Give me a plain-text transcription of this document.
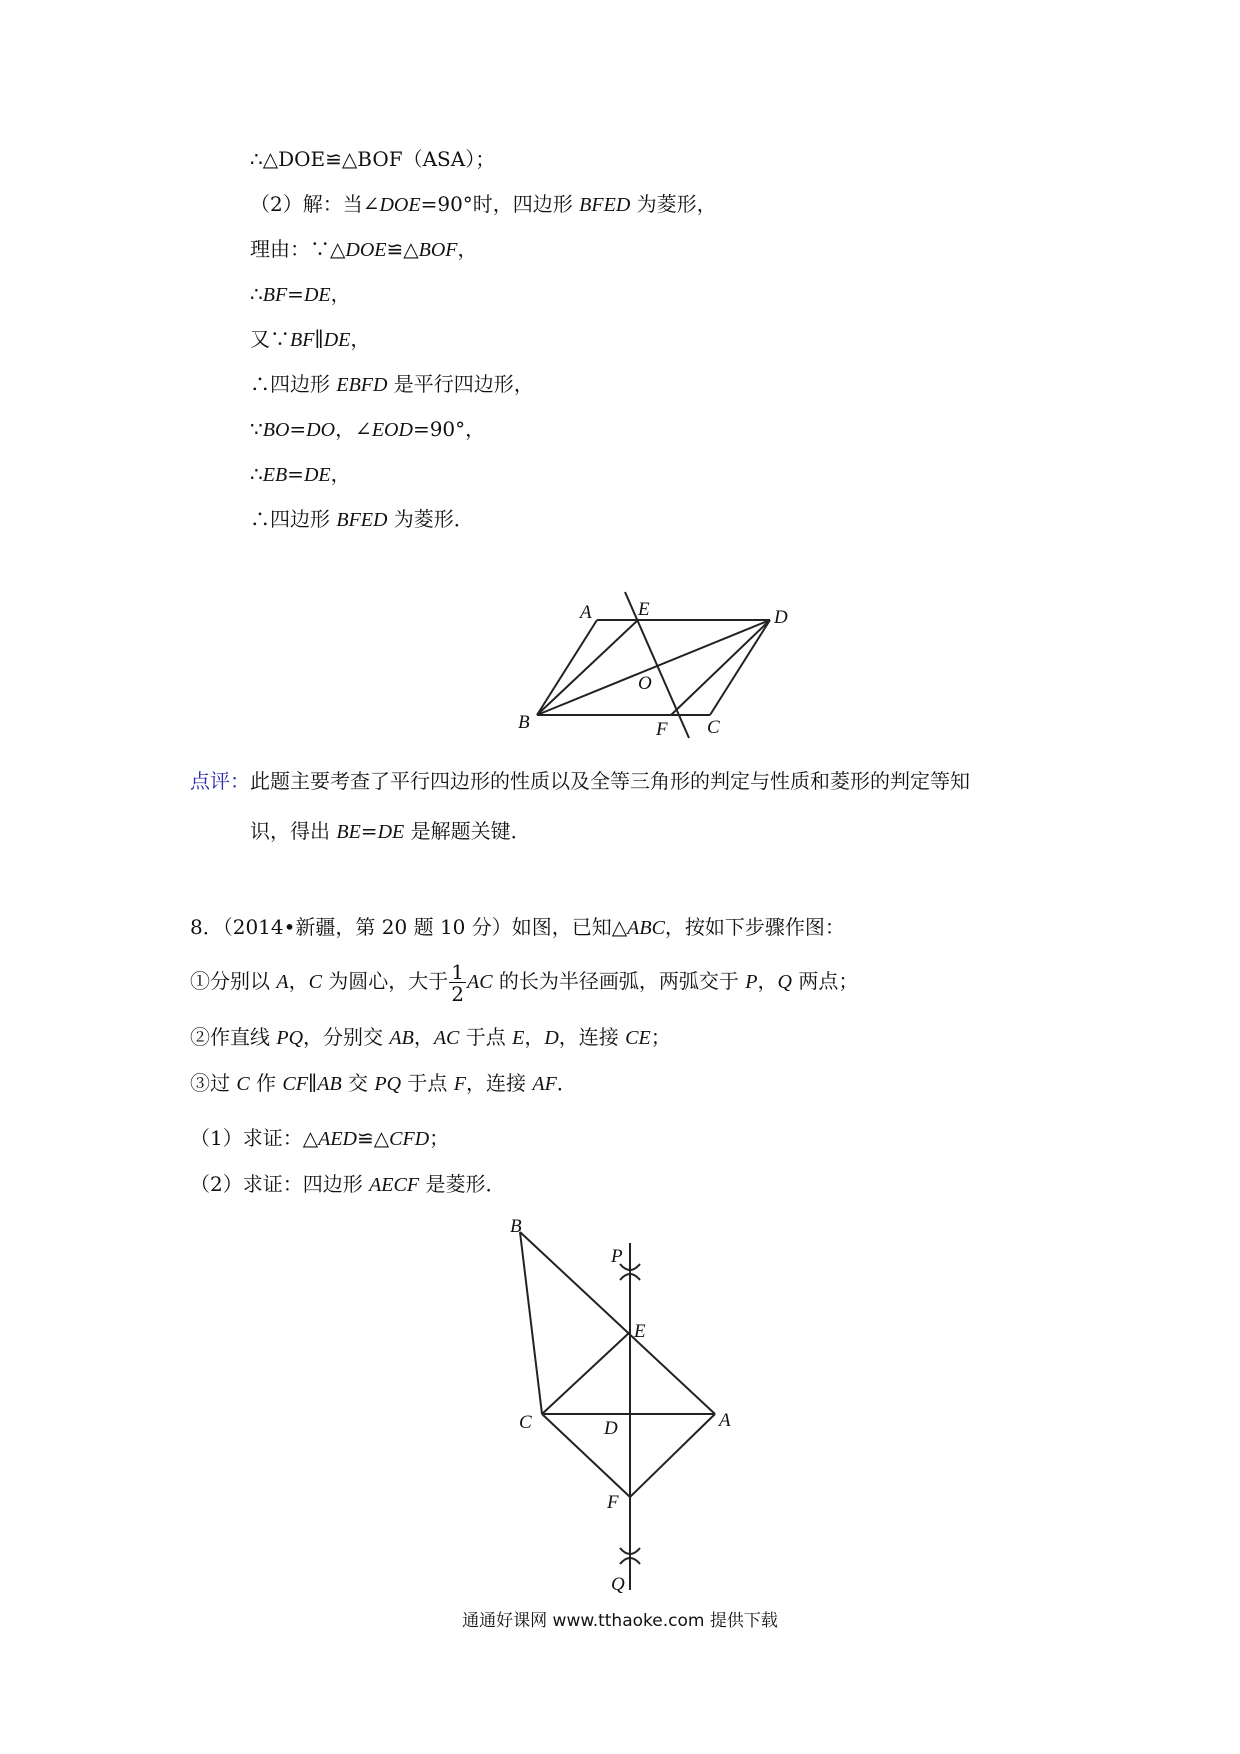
∴△DOE≌△BOF（ASA）；
（2）解：当∠DOE=90°时，四边形 BFED 为菱形，
理由：∵△DOE≌△BOF，
∴BF=DE，
又∵BF∥DE，
∴四边形 EBFD 是平行四边形，
∵BO=DO，∠EOD=90°，
∴EB=DE，
∴四边形 BFED 为菱形．
A E	D
O
B	F C
点评：此题主要考查了平行四边形的性质以及全等三角形的判定与性质和菱形的判定等知
识，得出 BE=DE 是解题关键．
8．（2014•新疆，第 20 题 10 分）如图，已知△ABC，按如下步骤作图：
①分别以 A，C 为圆心，大于 $\frac{1}{2}$ AC 的长为半径画弧，两弧交于 P，Q 两点；
②作直线 PQ，分别交 AB，AC 于点 E，D，连接 CE；
③过 C 作 CF∥AB 交 PQ 于点 F，连接 AF．
（1）求证：△AED≌△CFD；
（2）求证：四边形 AECF 是菱形．
B
P
E
C	D	A
F
Q
通通好课网 www.tthaoke.com 提供下载
